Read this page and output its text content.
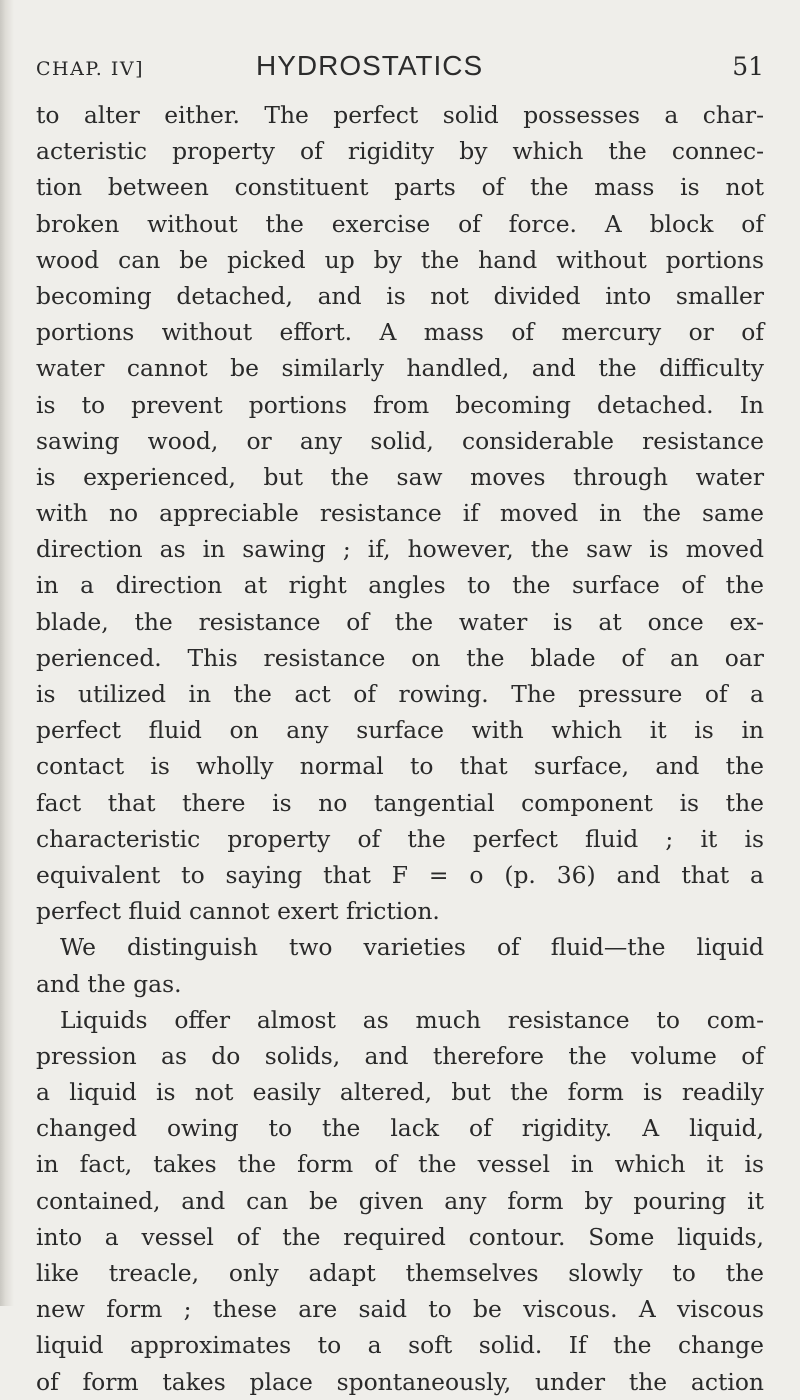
CHAP. IV]	HYDROSTATICS	51
to alter either. The perfect solid possesses a char-
acteristic property of rigidity by which the connec-
tion between constituent parts of the mass is not
broken without the exercise of force. A block of
wood can be picked up by the hand without portions
becoming detached, and is not divided into smaller
portions without effort. A mass of mercury or of
water cannot be similarly handled, and the difficulty
is to prevent portions from becoming detached. In
sawing wood, or any solid, considerable resistance
is experienced, but the saw moves through water
with no appreciable resistance if moved in the same
direction as in sawing ; if, however, the saw is moved
in a direction at right angles to the surface of the
blade, the resistance of the water is at once ex-
perienced. This resistance on the blade of an oar
is utilized in the act of rowing. The pressure of a
perfect fluid on any surface with which it is in
contact is wholly normal to that surface, and the
fact that there is no tangential component is the
characteristic property of the perfect fluid ; it is
equivalent to saying that F = o (p. 36) and that a
perfect fluid cannot exert friction.
We distinguish two varieties of fluid—the liquid
and the gas.
Liquids offer almost as much resistance to com-
pression as do solids, and therefore the volume of
a liquid is not easily altered, but the form is readily
changed owing to the lack of rigidity. A liquid,
in fact, takes the form of the vessel in which it is
contained, and can be given any form by pouring it
into a vessel of the required contour. Some liquids,
like treacle, only adapt themselves slowly to the
new form ; these are said to be viscous. A viscous
liquid approximates to a soft solid. If the change
of form takes place spontaneously, under the action
